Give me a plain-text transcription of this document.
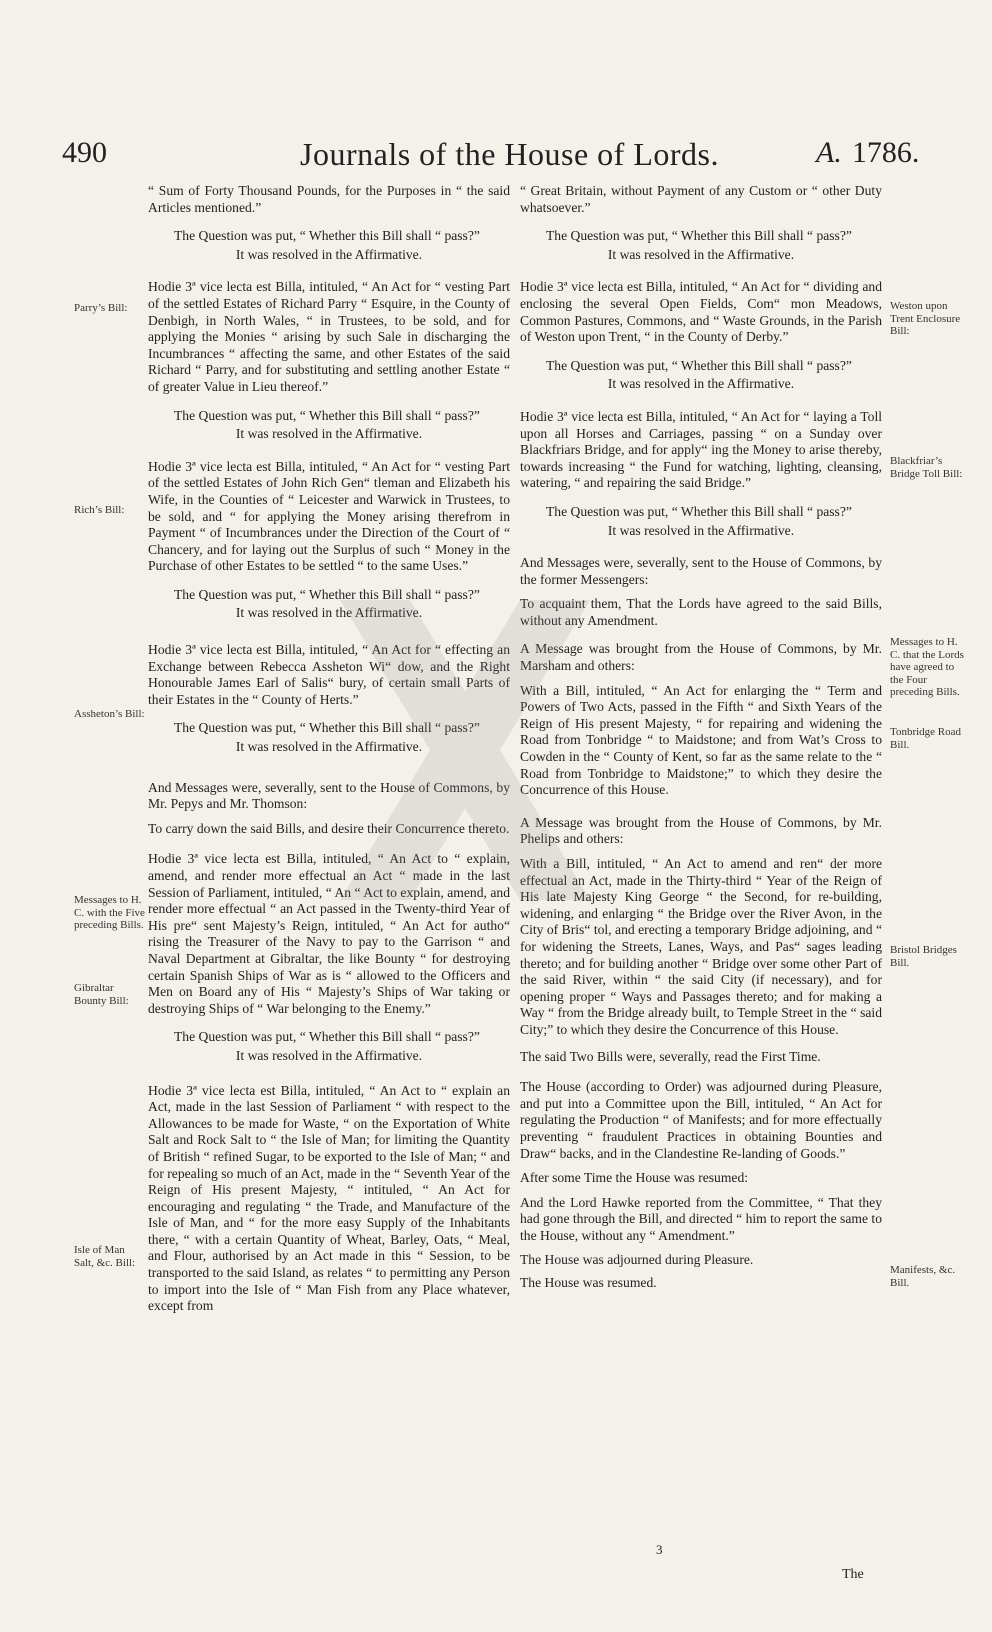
490	Journals of the House of Lords.	A. 1786.

“ Sum of Forty Thousand Pounds, for the Purposes in “ the said Articles mentioned.”

The Question was put, “ Whether this Bill shall “ pass?”

It was resolved in the Affirmative.

Hodie 3ª vice lecta est Billa, intituled, “ An Act for “ vesting Part of the settled Estates of Richard Parry “ Esquire, in the County of Denbigh, in North Wales, “ in Trustees, to be sold, and for applying the Monies “ arising by such Sale in discharging the Incumbrances “ affecting the same, and other Estates of the said Richard “ Parry, and for substituting and settling another Estate “ of greater Value in Lieu thereof.”

The Question was put, “ Whether this Bill shall “ pass?”

It was resolved in the Affirmative.

Hodie 3ª vice lecta est Billa, intituled, “ An Act for “ vesting Part of the settled Estates of John Rich Gen“ tleman and Elizabeth his Wife, in the Counties of “ Leicester and Warwick in Trustees, to be sold, and “ for applying the Money arising therefrom in Payment “ of Incumbrances under the Direction of the Court of “ Chancery, and for laying out the Surplus of such “ Money in the Purchase of other Estates to be settled “ to the same Uses.”

The Question was put, “ Whether this Bill shall “ pass?”

It was resolved in the Affirmative.

Hodie 3ª vice lecta est Billa, intituled, “ An Act for “ effecting an Exchange between Rebecca Assheton Wi“ dow, and the Right Honourable James Earl of Salis“ bury, of certain small Parts of their Estates in the “ County of Herts.”

The Question was put, “ Whether this Bill shall “ pass?”

It was resolved in the Affirmative.

And Messages were, severally, sent to the House of Commons, by Mr. Pepys and Mr. Thomson:

To carry down the said Bills, and desire their Concurrence thereto.

Hodie 3ª vice lecta est Billa, intituled, “ An Act to “ explain, amend, and render more effectual an Act “ made in the last Session of Parliament, intituled, “ An “ Act to explain, amend, and render more effectual “ an Act passed in the Twenty-third Year of His pre“ sent Majesty’s Reign, intituled, “ An Act for autho“ rising the Treasurer of the Navy to pay to the Garrison “ and Naval Department at Gibraltar, the like Bounty “ for destroying certain Spanish Ships of War as is “ allowed to the Officers and Men on Board any of His “ Majesty’s Ships of War taking or destroying Ships of “ War belonging to the Enemy.”

The Question was put, “ Whether this Bill shall “ pass?”

It was resolved in the Affirmative.

Hodie 3ª vice lecta est Billa, intituled, “ An Act to “ explain an Act, made in the last Session of Parliament “ with respect to the Allowances to be made for Waste, “ on the Exportation of White Salt and Rock Salt to “ the Isle of Man; for limiting the Quantity of British “ refined Sugar, to be exported to the Isle of Man; “ and for repealing so much of an Act, made in the “ Seventh Year of the Reign of His present Majesty, “ intituled, “ An Act for encouraging and regulating “ the Trade, and Manufacture of the Isle of Man, and “ for the more easy Supply of the Inhabitants there, “ with a certain Quantity of Wheat, Barley, Oats, “ Meal, and Flour, authorised by an Act made in this “ Session, to be transported to the said Island, as relates “ to permitting any Person to import into the Isle of “ Man Fish from any Place whatever, except from

“ Great Britain, without Payment of any Custom or “ other Duty whatsoever.”

The Question was put, “ Whether this Bill shall “ pass?”

It was resolved in the Affirmative.

Hodie 3ª vice lecta est Billa, intituled, “ An Act for “ dividing and enclosing the several Open Fields, Com“ mon Meadows, Common Pastures, Commons, and “ Waste Grounds, in the Parish of Weston upon Trent, “ in the County of Derby.”

The Question was put, “ Whether this Bill shall “ pass?”

It was resolved in the Affirmative.

Hodie 3ª vice lecta est Billa, intituled, “ An Act for “ laying a Toll upon all Horses and Carriages, passing “ on a Sunday over Blackfriars Bridge, and for apply“ ing the Money to arise thereby, towards increasing “ the Fund for watching, lighting, cleansing, watering, “ and repairing the said Bridge.”

The Question was put, “ Whether this Bill shall “ pass?”

It was resolved in the Affirmative.

And Messages were, severally, sent to the House of Commons, by the former Messengers:

To acquaint them, That the Lords have agreed to the said Bills, without any Amendment.

A Message was brought from the House of Commons, by Mr. Marsham and others:

With a Bill, intituled, “ An Act for enlarging the “ Term and Powers of Two Acts, passed in the Fifth “ and Sixth Years of the Reign of His present Majesty, “ for repairing and widening the Road from Tonbridge “ to Maidstone; and from Wat’s Cross to Cowden in the “ County of Kent, so far as the same relate to the “ Road from Tonbridge to Maidstone;” to which they desire the Concurrence of this House.

A Message was brought from the House of Commons, by Mr. Phelips and others:

With a Bill, intituled, “ An Act to amend and ren“ der more effectual an Act, made in the Thirty-third “ Year of the Reign of His late Majesty King George “ the Second, for re-building, widening, and enlarging “ the Bridge over the River Avon, in the City of Bris“ tol, and erecting a temporary Bridge adjoining, and “ for widening the Streets, Lanes, Ways, and Pas“ sages leading thereto; and for building another “ Bridge over some other Part of the said River, within “ the said City (if necessary), and for opening proper “ Ways and Passages thereto; and for making a Way “ from the Bridge already built, to Temple Street in the “ said City;” to which they desire the Concurrence of this House.

The said Two Bills were, severally, read the First Time.

The House (according to Order) was adjourned during Pleasure, and put into a Committee upon the Bill, intituled, “ An Act for regulating the Production “ of Manifests; and for more effectually preventing “ fraudulent Practices in obtaining Bounties and Draw“ backs, and in the Clandestine Re-landing of Goods.”

After some Time the House was resumed:

And the Lord Hawke reported from the Committee, “ That they had gone through the Bill, and directed “ him to report the same to the House, without any “ Amendment.”

The House was adjourned during Pleasure.

The House was resumed.

Parry’s Bill:
Rich’s Bill:
Assheton’s Bill:
Messages to H. C. with the Five preceding Bills.
Gibraltar Bounty Bill:
Isle of Man Salt, &c. Bill:
Weston upon Trent Enclosure Bill:
Blackfriar’s Bridge Toll Bill:
Messages to H. C. that the Lords have agreed to the Four preceding Bills.
Tonbridge Road Bill.
Bristol Bridges Bill.
Manifests, &c. Bill.
3
The
